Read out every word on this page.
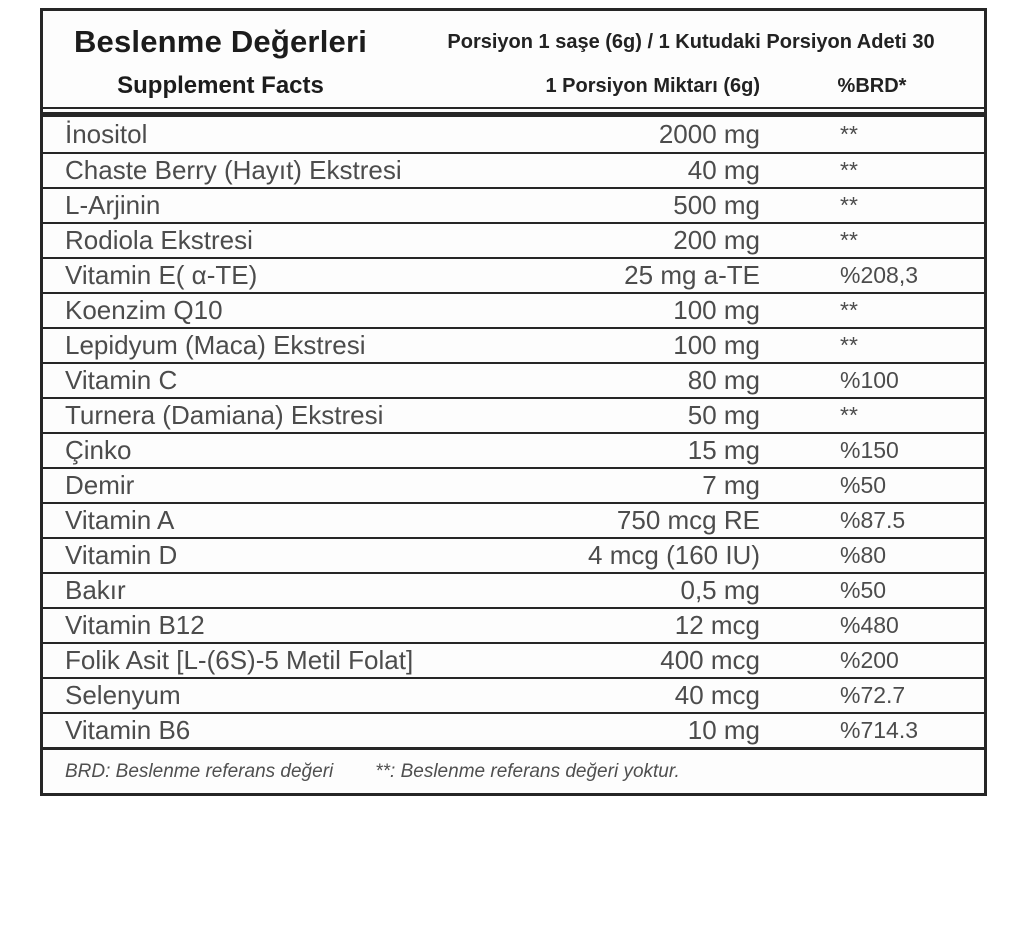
Beslenme Değerleri	Porsiyon 1 saşe (6g) / 1 Kutudaki Porsiyon Adeti 30
Supplement Facts	1 Porsiyon Miktarı (6g)	%BRD*
İnositol	2000 mg	**
Chaste Berry (Hayıt) Ekstresi	40 mg	**
L-Arjinin	500 mg	**
Rodiola Ekstresi	200 mg	**
Vitamin E( α-TE)	25 mg a-TE	%208,3
Koenzim Q10	100 mg	**
Lepidyum (Maca) Ekstresi	100 mg	**
Vitamin C	80 mg	%100
Turnera (Damiana) Ekstresi	50 mg	**
Çinko	15 mg	%150
Demir	7 mg	%50
Vitamin A	750 mcg RE	%87.5
Vitamin D	4 mcg (160 IU)	%80
Bakır	0,5 mg	%50
Vitamin B12	12 mcg	%480
Folik Asit [L-(6S)-5 Metil Folat]	400 mcg	%200
Selenyum	40 mcg	%72.7
Vitamin B6	10 mg	%714.3
BRD: Beslenme referans değeri **: Beslenme referans değeri yoktur.
